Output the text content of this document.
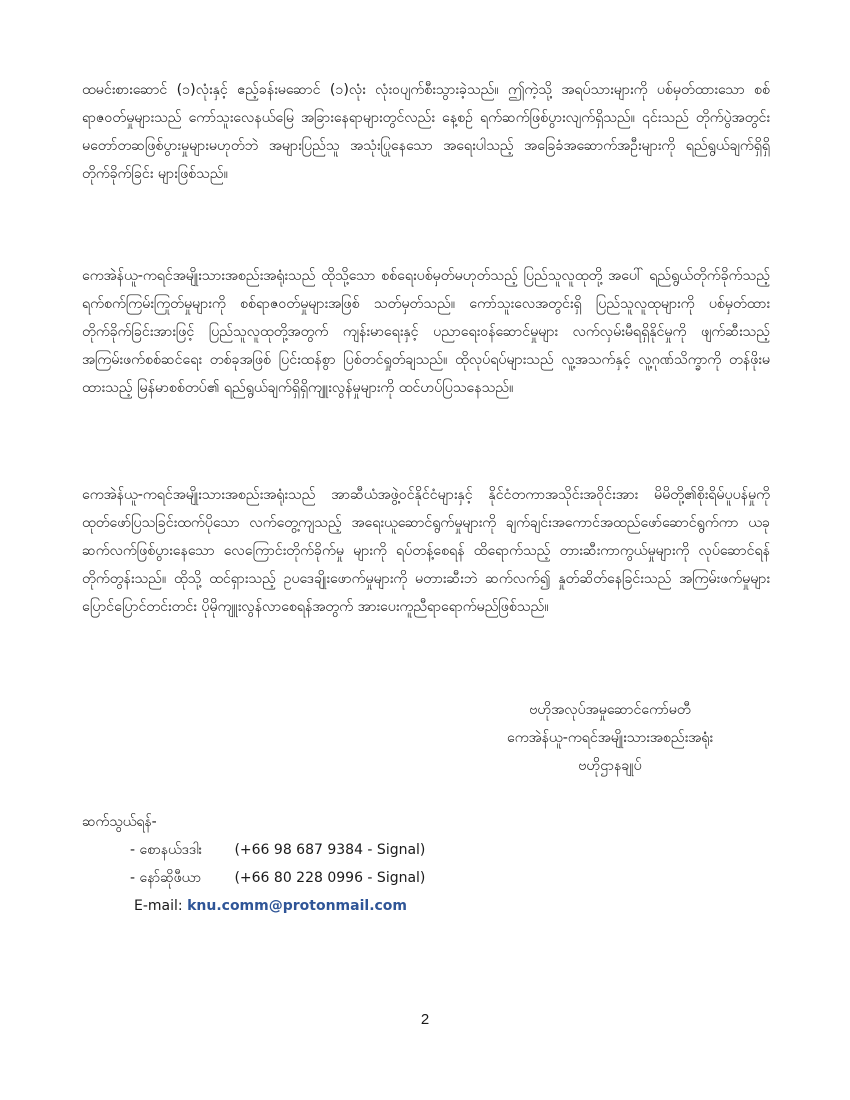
ထမင်းစားဆောင် (၁)လုံးနှင့် ဧည့်ခန်းမဆောင် (၁)လုံး လုံးဝပျက်စီးသွားခဲ့သည်။ ဤကဲ့သို့ အရပ်သားများကို ပစ်မှတ်ထားသော စစ်ရာဇဝတ်မှုများသည် ကော်သူးလေနယ်မြေ အခြားနေရာများတွင်လည်း နေ့စဉ် ရက်ဆက်ဖြစ်ပွားလျက်ရှိသည်။ ၎င်းသည် တိုက်ပွဲအတွင်း မတော်တဆဖြစ်ပွားမှုများမဟုတ်ဘဲ အများပြည်သူ အသုံးပြုနေသော အရေးပါသည့် အခြေခံအဆောက်အဦးများကို ရည်ရွယ်ချက်ရှိရှိ တိုက်ခိုက်ခြင်း များဖြစ်သည်။

ကေအဲန်ယူ-ကရင်အမျိုးသားအစည်းအရုံးသည် ထိုသို့သော စစ်ရေးပစ်မှတ်မဟုတ်သည့် ပြည်သူလူထုတို့ အပေါ် ရည်ရွယ်တိုက်ခိုက်သည့် ရက်စက်ကြမ်းကြုတ်မှုများကို စစ်ရာဇဝတ်မှုများအဖြစ် သတ်မှတ်သည်။ ကော်သူးလေအတွင်းရှိ ပြည်သူလူထုများကို ပစ်မှတ်ထားတိုက်ခိုက်ခြင်းအားဖြင့် ပြည်သူလူထုတို့အတွက် ကျန်းမာရေးနှင့် ပညာရေးဝန်ဆောင်မှုများ လက်လှမ်းမီရရှိနိုင်မှုကို ဖျက်ဆီးသည့် အကြမ်းဖက်စစ်ဆင်ရေး တစ်ခုအဖြစ် ပြင်းထန်စွာ ပြစ်တင်ရှုတ်ချသည်။ ထိုလုပ်ရပ်များသည် လူ့အသက်နှင့် လူ့ဂုဏ်သိက္ခာကို တန်ဖိုးမထားသည့် မြန်မာစစ်တပ်၏ ရည်ရွယ်ချက်ရှိရှိကျူးလွန်မှုများကို ထင်ဟပ်ပြသနေသည်။

ကေအဲန်ယူ-ကရင်အမျိုးသားအစည်းအရုံးသည် အာဆီယံအဖွဲ့ဝင်နိုင်ငံများနှင့် နိုင်ငံတကာအသိုင်းအဝိုင်းအား မိမိတို့၏စိုးရိမ်ပူပန်မှုကို ထုတ်ဖော်ပြသခြင်းထက်ပိုသော လက်တွေ့ကျသည့် အရေးယူဆောင်ရွက်မှုများကို ချက်ချင်းအကောင်အထည်ဖော်ဆောင်ရွက်ကာ ယခုဆက်လက်ဖြစ်ပွားနေသော လေကြောင်းတိုက်ခိုက်မှု များကို ရပ်တန့်စေရန် ထိရောက်သည့် တားဆီးကာကွယ်မှုများကို လုပ်ဆောင်ရန် တိုက်တွန်းသည်။ ထိုသို့ ထင်ရှားသည့် ဥပဒေချိုးဖောက်မှုများကို မတားဆီးဘဲ ဆက်လက်၍ နှုတ်ဆိတ်နေခြင်းသည် အကြမ်းဖက်မှုများ ပြောင်ပြောင်တင်းတင်း ပိုမိုကျူးလွန်လာစေရန်အတွက် အားပေးကူညီရာရောက်မည်ဖြစ်သည်။

ဗဟိုအလုပ်အမှုဆောင်ကော်မတီ
ကေအဲန်ယူ-ကရင်အမျိုးသားအစည်းအရုံး
ဗဟိုဌာနချုပ်
ဆက်သွယ်ရန်-
- စောနယ်ဒဒါး (+66 98 687 9384 - Signal)
- နော်ဆိုဖီယာ (+66 80 228 0996 - Signal)
E-mail: knu.comm@protonmail.com
2
